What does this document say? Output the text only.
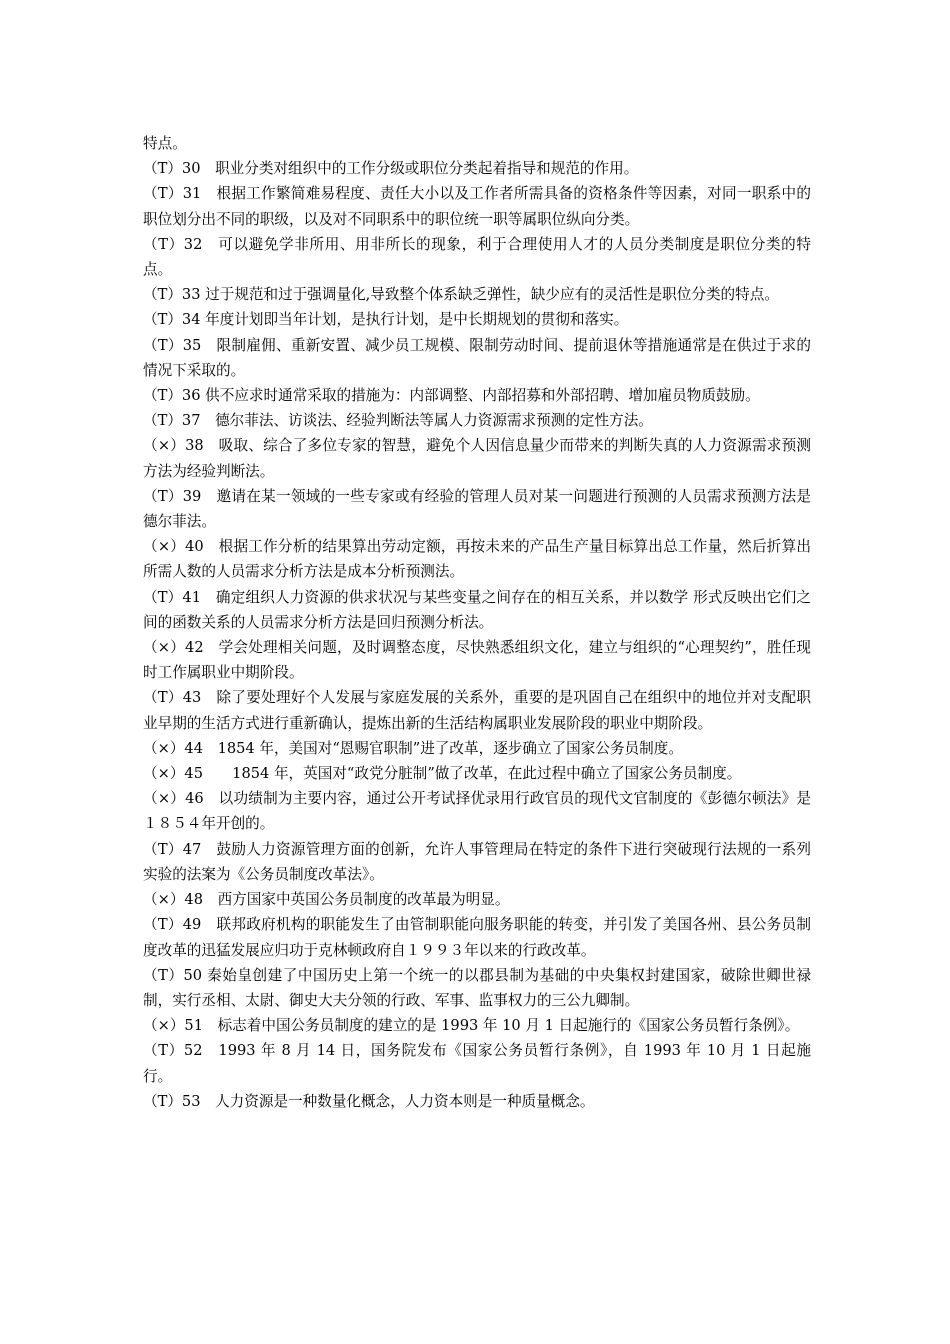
特点。

（T）30　职业分类对组织中的工作分级或职位分类起着指导和规范的作用。

（T）31　根据工作繁简难易程度、责任大小以及工作者所需具备的资格条件等因素，对同一职系中的职位划分出不同的职级，以及对不同职系中的职位统一职等属职位纵向分类。

（T）32　可以避免学非所用、用非所长的现象，利于合理使用人才的人员分类制度是职位分类的特点。

（T）33 过于规范和过于强调量化,导致整个体系缺乏弹性，缺少应有的灵活性是职位分类的特点。

（T）34 年度计划即当年计划，是执行计划，是中长期规划的贯彻和落实。

（T）35　限制雇佣、重新安置、减少员工规模、限制劳动时间、提前退休等措施通常是在供过于求的情况下采取的。

（T）36 供不应求时通常采取的措施为：内部调整、内部招募和外部招聘、增加雇员物质鼓励。

（T）37　德尔菲法、访谈法、经验判断法等属人力资源需求预测的定性方法。

（×）38　吸取、综合了多位专家的智慧，避免个人因信息量少而带来的判断失真的人力资源需求预测方法为经验判断法。

（T）39　邀请在某一领域的一些专家或有经验的管理人员对某一问题进行预测的人员需求预测方法是德尔菲法。

（×）40　根据工作分析的结果算出劳动定额，再按未来的产品生产量目标算出总工作量，然后折算出所需人数的人员需求分析方法是成本分析预测法。

（T）41　确定组织人力资源的供求状况与某些变量之间存在的相互关系，并以数学 形式反映出它们之间的函数关系的人员需求分析方法是回归预测分析法。

（×）42　学会处理相关问题，及时调整态度，尽快熟悉组织文化，建立与组织的“心理契约”，胜任现时工作属职业中期阶段。

（T）43　除了要处理好个人发展与家庭发展的关系外，重要的是巩固自己在组织中的地位并对支配职业早期的生活方式进行重新确认，提炼出新的生活结构属职业发展阶段的职业中期阶段。

（×）44　1854 年，美国对“恩赐官职制”进了改革，逐步确立了国家公务员制度。

（×）45　　1854 年，英国对“政党分脏制”做了改革，在此过程中确立了国家公务员制度。

（×）46　以功绩制为主要内容，通过公开考试择优录用行政官员的现代文官制度的《彭德尔顿法》是１８５４年开创的。

（T）47　鼓励人力资源管理方面的创新，允许人事管理局在特定的条件下进行突破现行法规的一系列实验的法案为《公务员制度改革法》。

（×）48　西方国家中英国公务员制度的改革最为明显。

（T）49　联邦政府机构的职能发生了由管制职能向服务职能的转变，并引发了美国各州、县公务员制度改革的迅猛发展应归功于克林顿政府自１９９３年以来的行政改革。

（T）50 秦始皇创建了中国历史上第一个统一的以郡县制为基础的中央集权封建国家，破除世卿世禄制，实行丞相、太尉、御史大夫分领的行政、军事、监事权力的三公九卿制。

（×）51　标志着中国公务员制度的建立的是 1993 年 10 月 1 日起施行的《国家公务员暂行条例》。

（T）52　1993 年 8 月 14 日，国务院发布《国家公务员暂行条例》，自 1993 年 10 月 1 日起施行。

（T）53　人力资源是一种数量化概念，人力资本则是一种质量概念。
